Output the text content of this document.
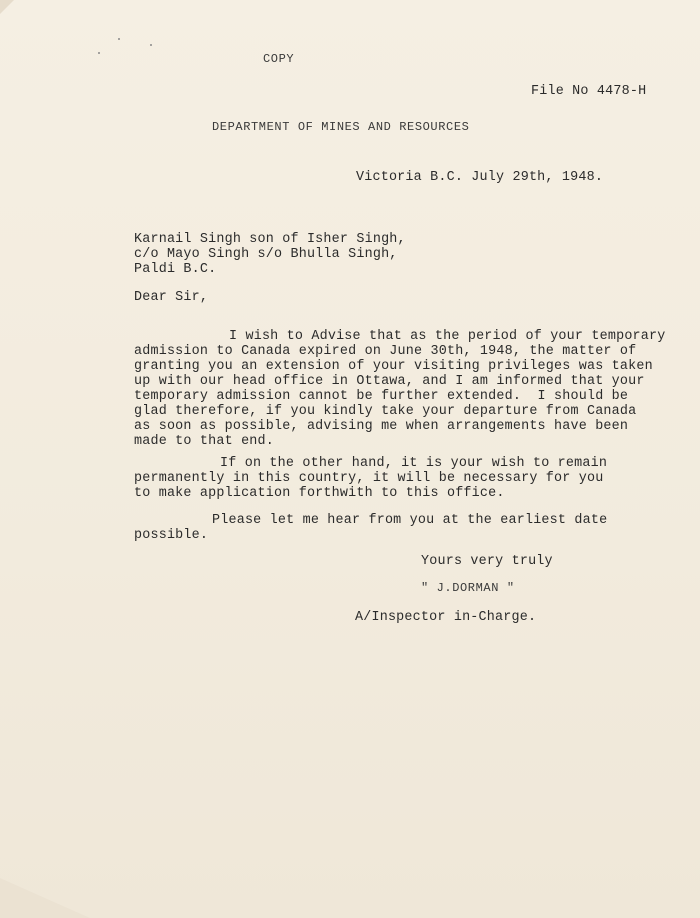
COPY
File No 4478-H
DEPARTMENT OF MINES AND RESOURCES
Victoria B.C. July 29th, 1948.
Karnail Singh son of Isher Singh,
c/o Mayo Singh s/o Bhulla Singh,
Paldi B.C.
Dear Sir,
I wish to Advise that as the period of your temporary
admission to Canada expired on June 30th, 1948, the matter of
granting you an extension of your visiting privileges was taken
up with our head office in Ottawa, and I am informed that your
temporary admission cannot be further extended.  I should be
glad therefore, if you kindly take your departure from Canada
as soon as possible, advising me when arrangements have been
made to that end.
If on the other hand, it is your wish to remain
permanently in this country, it will be necessary for you
to make application forthwith to this office.
Please let me hear from you at the earliest date
possible.
Yours very truly
" J.DORMAN "
A/Inspector in-Charge.
